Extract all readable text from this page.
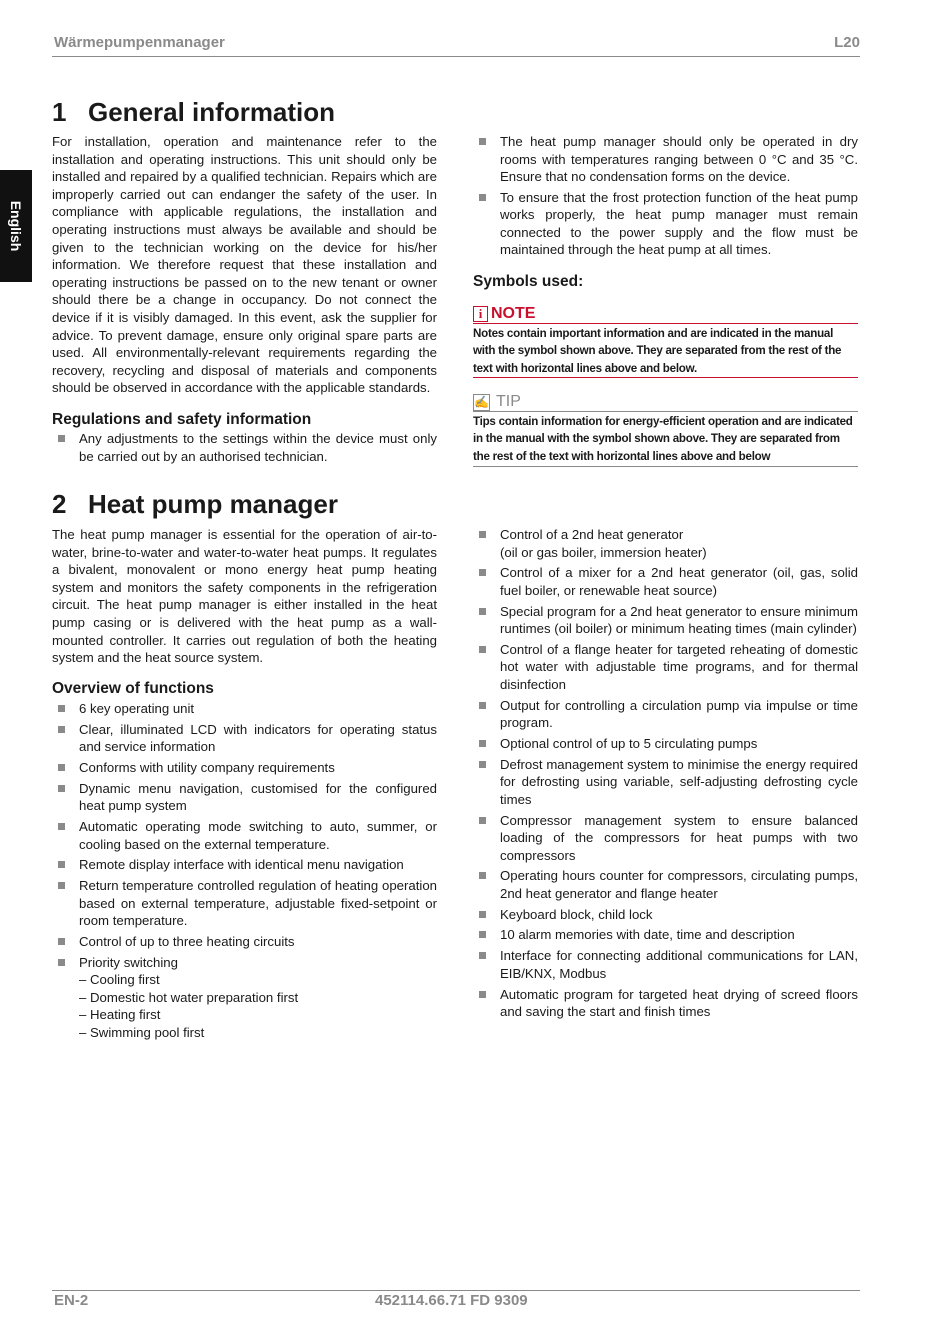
Wärmepumpenmanager	L20
English
1 General information

For installation, operation and maintenance refer to the installation and operating instructions. This unit should only be installed and repaired by a qualified technician. Repairs which are improperly carried out can endanger the safety of the user. In compliance with applicable regulations, the installation and operating instructions must always be available and should be given to the technician working on the device for his/her information. We therefore request that these installation and operating instructions be passed on to the new tenant or owner should there be a change in occupancy. Do not connect the device if it is visibly damaged. In this event, ask the supplier for advice. To prevent damage, ensure only original spare parts are used. All environmentally-relevant requirements regarding the recovery, recycling and disposal of materials and components should be observed in accordance with the applicable standards.

Regulations and safety information
Any adjustments to the settings within the device must only be carried out by an authorised technician.
The heat pump manager should only be operated in dry rooms with temperatures ranging between 0 °C and 35 °C. Ensure that no condensation forms on the device.
To ensure that the frost protection function of the heat pump works properly, the heat pump manager must remain connected to the power supply and the flow must be maintained through the heat pump at all times.
Symbols used:
i NOTE

Notes contain important information and are indicated in the manual with the symbol shown above. They are separated from the rest of the text with horizontal lines above and below.

✍ TIP

Tips contain information for energy-efficient operation and are indicated in the manual with the symbol shown above. They are separated from the rest of the text with horizontal lines above and below

2 Heat pump manager

The heat pump manager is essential for the operation of air-to-water, brine-to-water and water-to-water heat pumps. It regulates a bivalent, monovalent or mono energy heat pump heating system and monitors the safety components in the refrigeration circuit. The heat pump manager is either installed in the heat pump casing or is delivered with the heat pump as a wall-mounted controller. It carries out regulation of both the heating system and the heat source system.

Overview of functions
6 key operating unit
Clear, illuminated LCD with indicators for operating status and service information
Conforms with utility company requirements
Dynamic menu navigation, customised for the configured heat pump system
Automatic operating mode switching to auto, summer, or cooling based on the external temperature.
Remote display interface with identical menu navigation
Return temperature controlled regulation of heating operation based on external temperature, adjustable fixed-setpoint or room temperature.
Control of up to three heating circuits
Priority switching
– Cooling first
– Domestic hot water preparation first
– Heating first
– Swimming pool first
Control of a 2nd heat generator
(oil or gas boiler, immersion heater)
Control of a mixer for a 2nd heat generator (oil, gas, solid fuel boiler, or renewable heat source)
Special program for a 2nd heat generator to ensure minimum runtimes (oil boiler) or minimum heating times (main cylinder)
Control of a flange heater for targeted reheating of domestic hot water with adjustable time programs, and for thermal disinfection
Output for controlling a circulation pump via impulse or time program.
Optional control of up to 5 circulating pumps
Defrost management system to minimise the energy required for defrosting using variable, self-adjusting defrosting cycle times
Compressor management system to ensure balanced loading of the compressors for heat pumps with two compressors
Operating hours counter for compressors, circulating pumps, 2nd heat generator and flange heater
Keyboard block, child lock
10 alarm memories with date, time and description
Interface for connecting additional communications for LAN, EIB/KNX, Modbus
Automatic program for targeted heat drying of screed floors and saving the start and finish times
EN-2	452114.66.71 FD 9309
